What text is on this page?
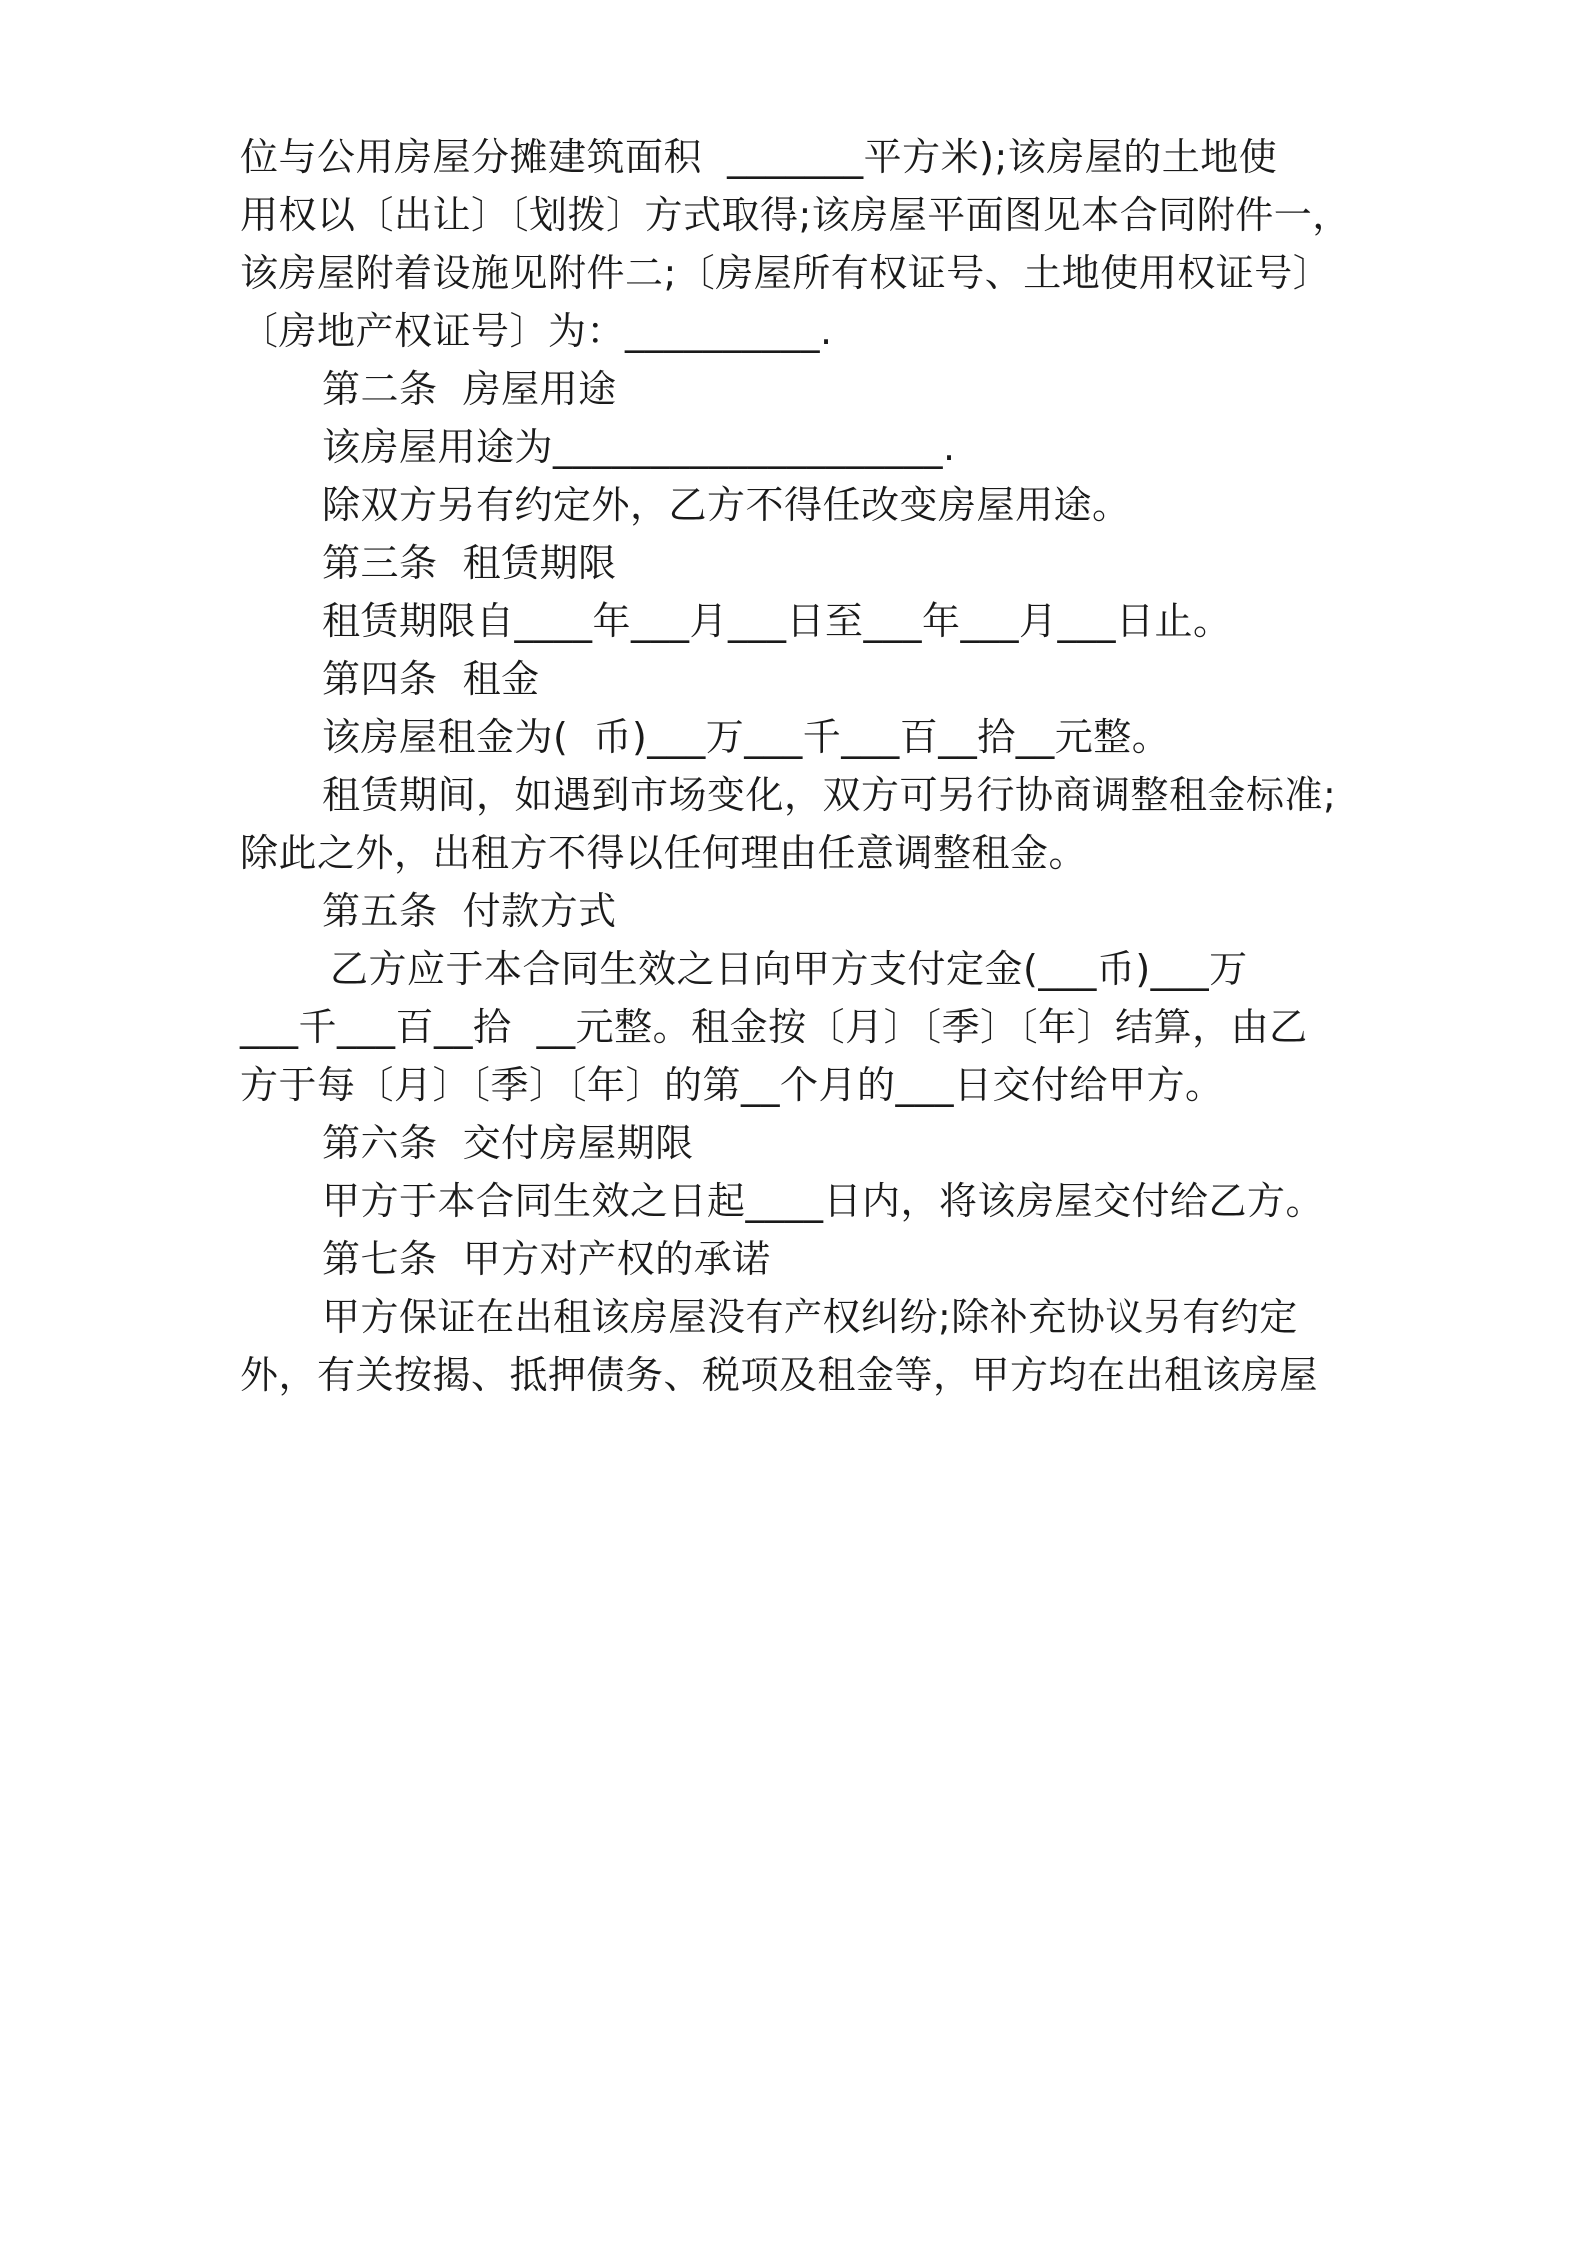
位与公用房屋分摊建筑面积  _______平方米);该房屋的土地使
用权以〔出让〕〔划拨〕方式取得;该房屋平面图见本合同附件一，
该房屋附着设施见附件二;〔房屋所有权证号、土地使用权证号〕
〔房地产权证号〕为：__________.
第二条  房屋用途
该房屋用途为____________________.
除双方另有约定外，乙方不得任改变房屋用途。
第三条  租赁期限
租赁期限自____年___月___日至___年___月___日止。
第四条  租金
该房屋租金为(  币)___万___千___百__拾__元整。
租赁期间，如遇到市场变化，双方可另行协商调整租金标准;
除此之外，出租方不得以任何理由任意调整租金。
第五条  付款方式
乙方应于本合同生效之日向甲方支付定金(___币)___万
___千___百__拾  __元整。租金按〔月〕〔季〕〔年〕结算，由乙
方于每〔月〕〔季〕〔年〕的第__个月的___日交付给甲方。
第六条  交付房屋期限
甲方于本合同生效之日起____日内，将该房屋交付给乙方。
第七条  甲方对产权的承诺
甲方保证在出租该房屋没有产权纠纷;除补充协议另有约定
外，有关按揭、抵押债务、税项及租金等，甲方均在出租该房屋
